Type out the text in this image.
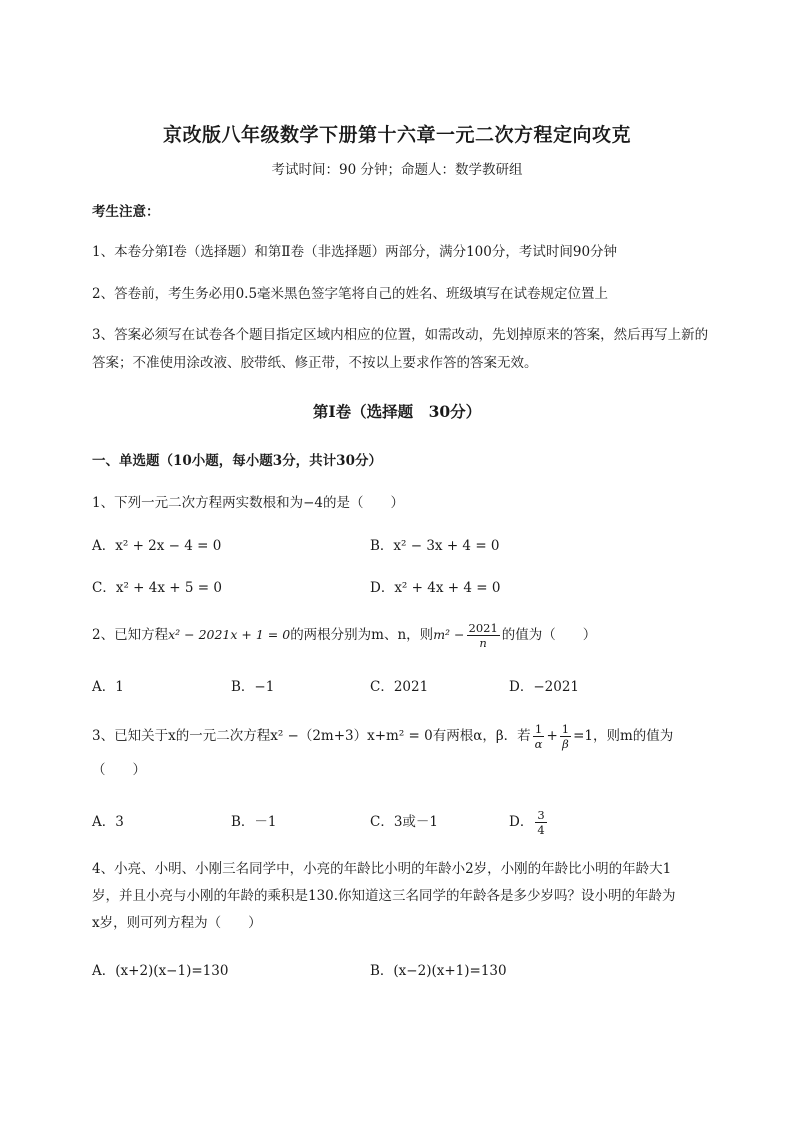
京改版八年级数学下册第十六章一元二次方程定向攻克
考试时间：90 分钟；命题人：数学教研组
考生注意：
1、本卷分第Ⅰ卷（选择题）和第Ⅱ卷（非选择题）两部分，满分100分，考试时间90分钟
2、答卷前，考生务必用0.5毫米黑色签字笔将自己的姓名、班级填写在试卷规定位置上
3、答案必须写在试卷各个题目指定区域内相应的位置，如需改动，先划掉原来的答案，然后再写上新的答案；不准使用涂改液、胶带纸、修正带，不按以上要求作答的答案无效。
第Ⅰ卷（选择题　30分）
一、单选题（10小题，每小题3分，共计30分）
1、下列一元二次方程两实数根和为−4的是（　　）
A．x² + 2x − 4 = 0	B．x² − 3x + 4 = 0
C．x² + 4x + 5 = 0	D．x² + 4x + 4 = 0
2、已知方程x² − 2021x + 1 = 0的两根分别为m、n，则$m^2 - \frac{2021}{n}$ 的值为（　　）
A．1	B．−1	C．2021	D．−2021
3、已知关于x的一元二次方程x² −（2m+3）x+m² = 0有两根α，β．若 $\frac{1}{\alpha} + \frac{1}{\beta} =1$，则m的值为
（　　）
A．3	B．－1	C．3或－1	D． $\frac{3}{4}$
4、小亮、小明、小刚三名同学中，小亮的年龄比小明的年龄小2岁，小刚的年龄比小明的年龄大1
岁，并且小亮与小刚的年龄的乘积是130.你知道这三名同学的年龄各是多少岁吗？设小明的年龄为
x岁，则可列方程为（　　）
A．(x+2)(x−1)=130	B．(x−2)(x+1)=130
